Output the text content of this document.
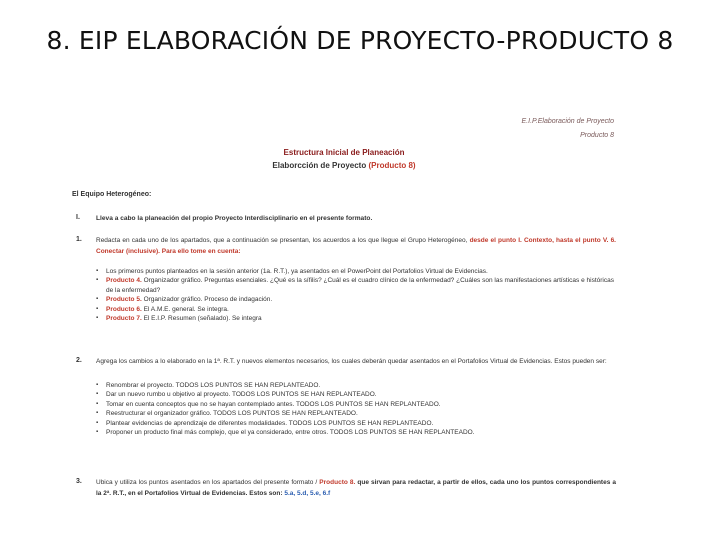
8. EIP ELABORACIÓN DE PROYECTO-PRODUCTO 8
E.I.P.Elaboración de Proyecto
Producto 8
Estructura Inicial de Planeación
Elaborcción de Proyecto (Producto 8)
El Equipo Heterogéneo:
I. Lleva a cabo la planeación del propio Proyecto Interdisciplinario en el presente formato.
1. Redacta en cada uno de los apartados, que a continuación se presentan, los acuerdos a los que llegue el Grupo Heterogéneo, desde el punto I. Contexto, hasta el punto V. 6. Conectar (inclusive). Para ello tome en cuenta:
▪ Los primeros puntos planteados en la sesión anterior (1a. R.T.), ya asentados en el PowerPoint del Portafolios Virtual de Evidencias.
▪ Producto 4. Organizador gráfico. Preguntas esenciales. ¿Qué es la sífilis? ¿Cuál es el cuadro clínico de la enfermedad? ¿Cuáles son las manifestaciones artísticas e históricas de la enfermedad?
▪ Producto 5. Organizador gráfico. Proceso de indagación.
▪ Producto 6. El A.M.E. general. Se integra.
▪ Producto 7. El E.I.P. Resumen (señalado). Se integra
2. Agrega los cambios a lo elaborado en la 1ª. R.T. y nuevos elementos necesarios, los cuales deberán quedar asentados en el Portafolios Virtual de Evidencias. Estos pueden ser:
▪ Renombrar el proyecto. TODOS LOS PUNTOS SE HAN REPLANTEADO.
▪ Dar un nuevo rumbo u objetivo al proyecto. TODOS LOS PUNTOS SE HAN REPLANTEADO.
▪ Tomar en cuenta conceptos que no se hayan contemplado antes. TODOS LOS PUNTOS SE HAN REPLANTEADO.
▪ Reestructurar el organizador gráfico. TODOS LOS PUNTOS SE HAN REPLANTEADO.
▪ Plantear evidencias de aprendizaje de diferentes modalidades. TODOS LOS PUNTOS SE HAN REPLANTEADO.
▪ Proponer un producto final más complejo, que el ya considerado, entre otros. TODOS LOS PUNTOS SE HAN REPLANTEADO.
3. Ubica y utiliza los puntos asentados en los apartados del presente formato / Producto 8. que sirvan para redactar, a partir de ellos, cada uno los puntos correspondientes a la 2ª. R.T., en el Portafolios Virtual de Evidencias. Estos son: 5.a, 5.d, 5.e, 6.f
